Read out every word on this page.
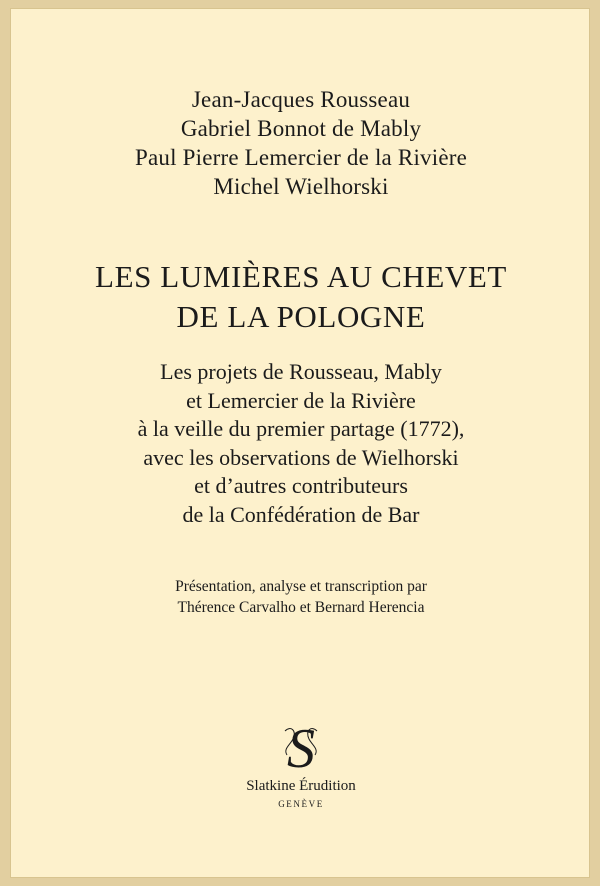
Jean-Jacques Rousseau
Gabriel Bonnot de Mably
Paul Pierre Lemercier de la Rivière
Michel Wielhorski
LES LUMIÈRES AU CHEVET
DE LA POLOGNE
Les projets de Rousseau, Mably
et Lemercier de la Rivière
à la veille du premier partage (1772),
avec les observations de Wielhorski
et d’autres contributeurs
de la Confédération de Bar
Présentation, analyse et transcription par
Thérence Carvalho et Bernard Herencia
S
Slatkine Érudition
GENÈVE
